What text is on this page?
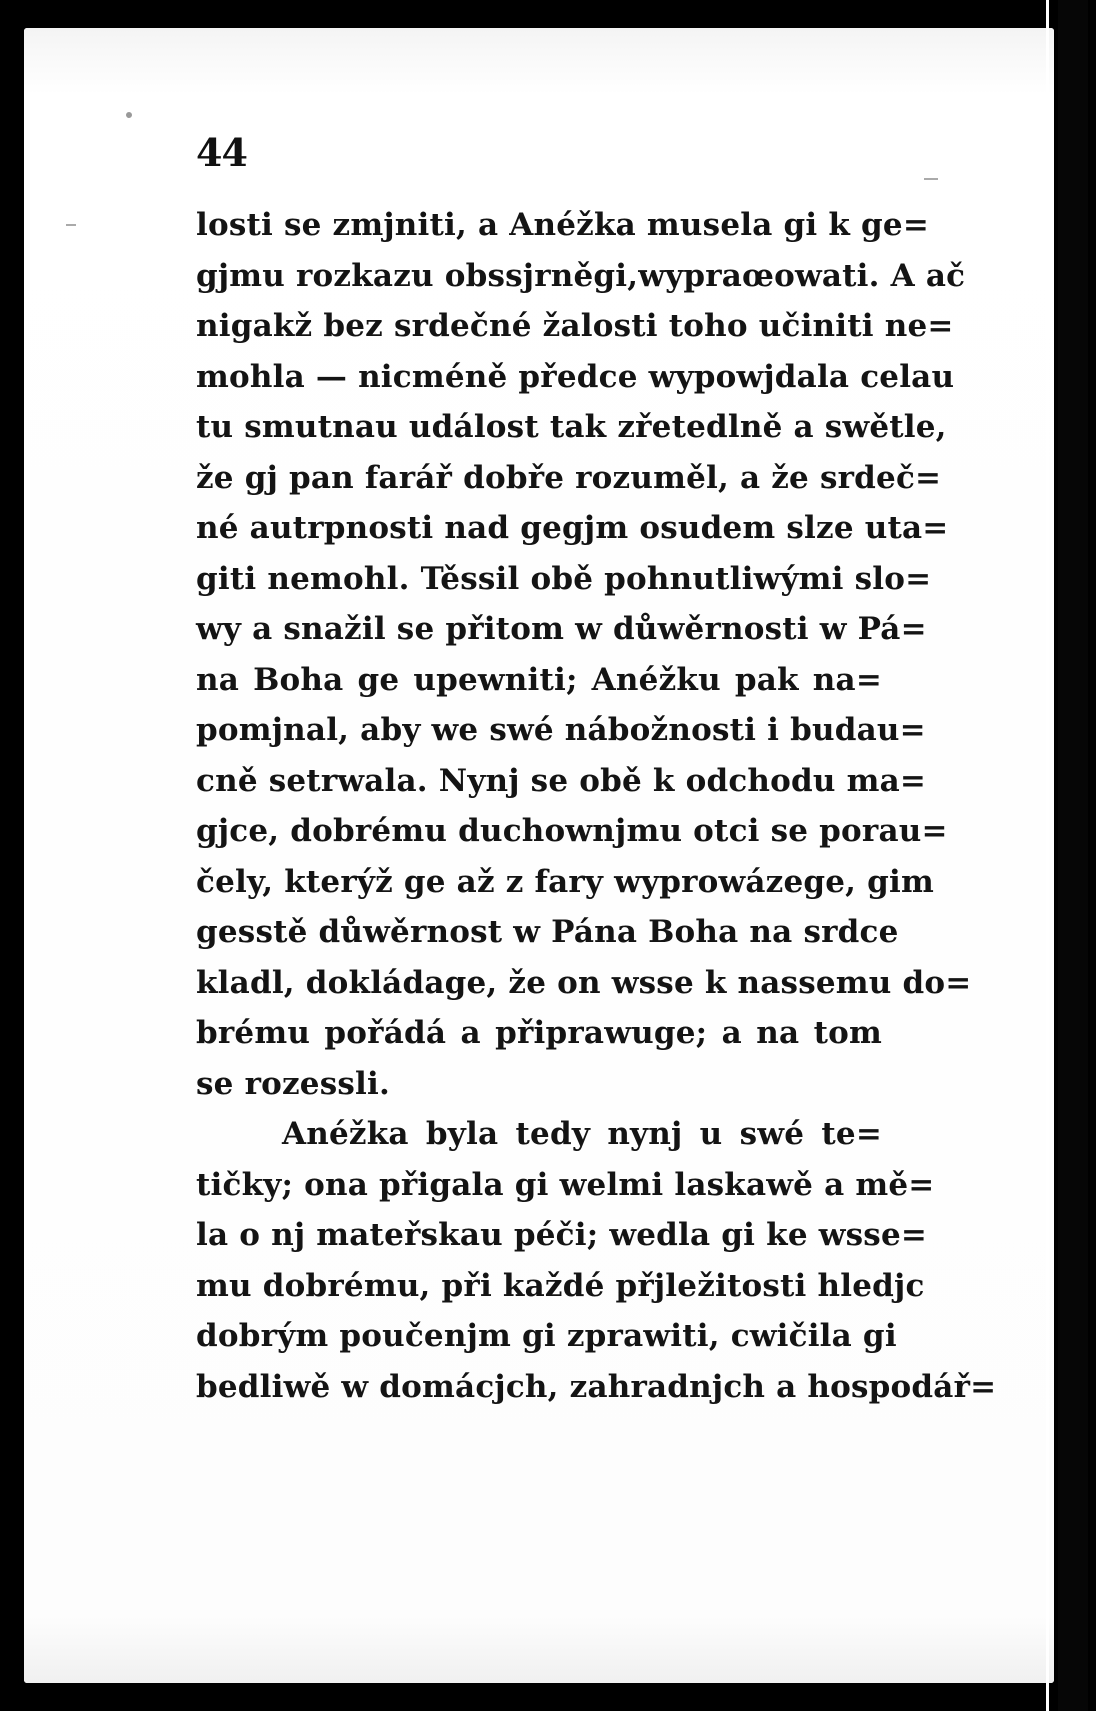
44
losti se zmjniti, a Anéžka musela gi k ge=
gjmu rozkazu obssjrněgi,wypraœowati. A ač
nigakž bez srdečné žalosti toho učiniti ne=
mohla — nicméně předce wypowjdala celau
tu smutnau událost tak zřetedlně a swětle,
že gj pan farář dobře rozuměl, a že srdeč=
né autrpnosti nad gegjm osudem slze uta=
giti nemohl. Těssil obě pohnutliwými slo=
wy a snažil se přitom w důwěrnosti w Pá=
na Boha ge upewniti; Anéžku pak na=
pomjnal, aby we swé nábožnosti i budau=
cně setrwala. Nynj se obě k odchodu ma=
gjce, dobrému duchownjmu otci se porau=
čely, kterýž ge až z fary wyprowázege, gim
gesstě důwěrnost w Pána Boha na srdce
kladl, dokládage, že on wsse k nassemu do=
brému pořádá a připrawuge; a na tom
se rozessli.
Anéžka byla tedy nynj u swé te=
tičky; ona přigala gi welmi laskawě a mě=
la o nj mateřskau péči; wedla gi ke wsse=
mu dobrému, při každé přjležitosti hledjc
dobrým poučenjm gi zprawiti, cwičila gi
bedliwě w domácjch, zahradnjch a hospodář=
